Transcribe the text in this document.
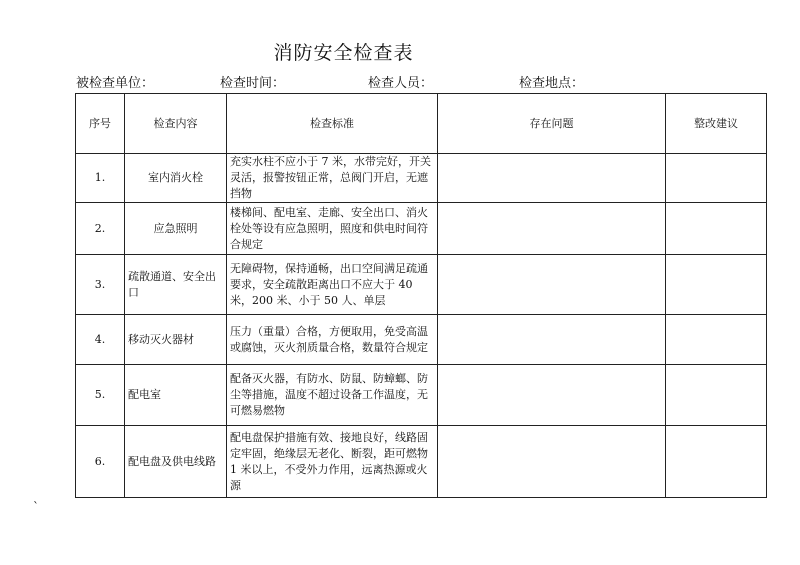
消防安全检查表
被检查单位：	检查时间：	检查人员：	检查地点：
序号	检查内容	检查标准	存在问题	整改建议
1.	室内消火栓	充实水柱不应小于 7 米，水带完好，开关灵活，报警按钮正常，总阀门开启，无遮挡物		
2.	应急照明	楼梯间、配电室、走廊、安全出口、消火栓处等设有应急照明，照度和供电时间符合规定		
3.	疏散通道、安全出口	无障碍物，保持通畅，出口空间满足疏通要求，安全疏散距离出口不应大于 40 米，200 米、小于 50 人、单层		
4.	移动灭火器材	压力（重量）合格，方便取用，免受高温或腐蚀，灭火剂质量合格，数量符合规定		
5.	配电室	配备灭火器，有防水、防鼠、防蟑螂、防尘等措施，温度不超过设备工作温度，无可燃易燃物		
6.	配电盘及供电线路	配电盘保护措施有效、接地良好，线路固定牢固，绝缘层无老化、断裂，距可燃物 1 米以上，不受外力作用，远离热源或火源		
`
